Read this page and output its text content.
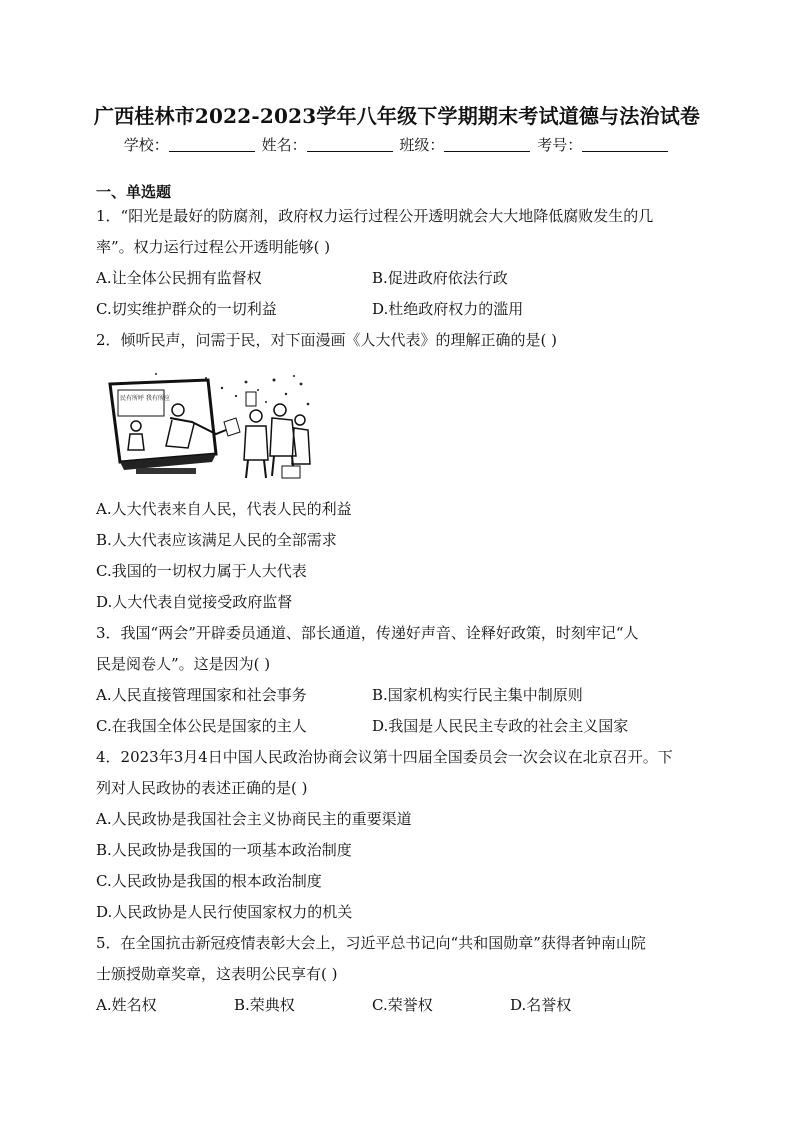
广西桂林市2022-2023学年八年级下学期期末考试道德与法治试卷
学校：	姓名：	班级：	考号：
一、单选题
1．“阳光是最好的防腐剂，政府权力运行过程公开透明就会大大地降低腐败发生的几
率”。权力运行过程公开透明能够( )
A.让全体公民拥有监督权	B.促进政府依法行政
C.切实维护群众的一切利益	D.杜绝政府权力的滥用
2．倾听民声，问需于民，对下面漫画《人大代表》的理解正确的是( )
民有所呼 我有所应
A.人大代表来自人民，代表人民的利益
B.人大代表应该满足人民的全部需求
C.我国的一切权力属于人大代表
D.人大代表自觉接受政府监督
3．我国“两会”开辟委员通道、部长通道，传递好声音、诠释好政策，时刻牢记“人
民是阅卷人”。这是因为( )
A.人民直接管理国家和社会事务	B.国家机构实行民主集中制原则
C.在我国全体公民是国家的主人	D.我国是人民民主专政的社会主义国家
4．2023年3月4日中国人民政治协商会议第十四届全国委员会一次会议在北京召开。下
列对人民政协的表述正确的是( )
A.人民政协是我国社会主义协商民主的重要渠道
B.人民政协是我国的一项基本政治制度
C.人民政协是我国的根本政治制度
D.人民政协是人民行使国家权力的机关
5．在全国抗击新冠疫情表彰大会上，习近平总书记向“共和国勋章”获得者钟南山院
士颁授勋章奖章，这表明公民享有( )
A.姓名权	B.荣典权	C.荣誉权	D.名誉权
